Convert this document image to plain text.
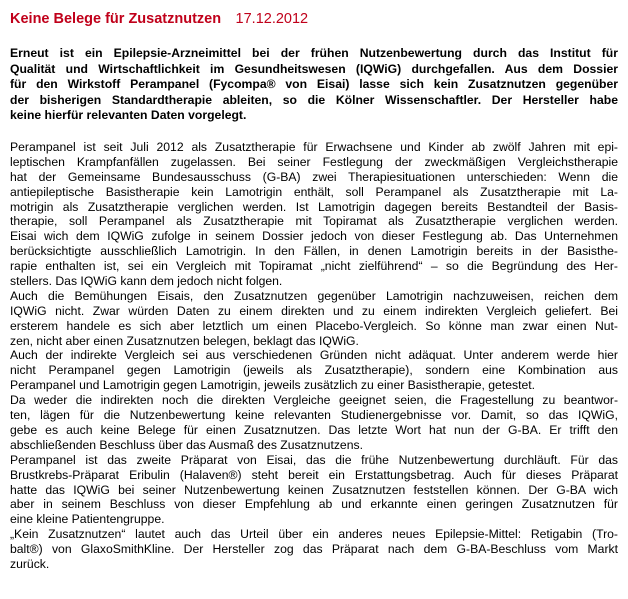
Keine Belege für Zusatznutzen 17.12.2012
Erneut ist ein Epilepsie-Arzneimittel bei der frühen Nutzenbewertung durch das Institut für
Qualität und Wirtschaftlichkeit im Gesundheitswesen (IQWiG) durchgefallen. Aus dem Dossier
für den Wirkstoff Perampanel (Fycompa® von Eisai) lasse sich kein Zusatznutzen gegenüber
der bisherigen Standardtherapie ableiten, so die Kölner Wissenschaftler. Der Hersteller habe
keine hierfür relevanten Daten vorgelegt.
Perampanel ist seit Juli 2012 als Zusatztherapie für Erwachsene und Kinder ab zwölf Jahren mit epi-
leptischen Krampfanfällen zugelassen. Bei seiner Festlegung der zweckmäßigen Vergleichstherapie
hat der Gemeinsame Bundesausschuss (G-BA) zwei Therapiesituationen unterschieden: Wenn die
antiepileptische Basistherapie kein Lamotrigin enthält, soll Perampanel als Zusatztherapie mit La-
motrigin als Zusatztherapie verglichen werden. Ist Lamotrigin dagegen bereits Bestandteil der Basis-
therapie, soll Perampanel als Zusatztherapie mit Topiramat als Zusatztherapie verglichen werden.
Eisai wich dem IQWiG zufolge in seinem Dossier jedoch von dieser Festlegung ab. Das Unternehmen
berücksichtigte ausschließlich Lamotrigin. In den Fällen, in denen Lamotrigin bereits in der Basisthe-
rapie enthalten ist, sei ein Vergleich mit Topiramat „nicht zielführend“ – so die Begründung des Her-
stellers. Das IQWiG kann dem jedoch nicht folgen.
Auch die Bemühungen Eisais, den Zusatznutzen gegenüber Lamotrigin nachzuweisen, reichen dem
IQWiG nicht. Zwar würden Daten zu einem direkten und zu einem indirekten Vergleich geliefert. Bei
ersterem handele es sich aber letztlich um einen Placebo-Vergleich. So könne man zwar einen Nut-
zen, nicht aber einen Zusatznutzen belegen, beklagt das IQWiG.
Auch der indirekte Vergleich sei aus verschiedenen Gründen nicht adäquat. Unter anderem werde hier
nicht Perampanel gegen Lamotrigin (jeweils als Zusatztherapie), sondern eine Kombination aus
Perampanel und Lamotrigin gegen Lamotrigin, jeweils zusätzlich zu einer Basistherapie, getestet.
Da weder die indirekten noch die direkten Vergleiche geeignet seien, die Fragestellung zu beantwor-
ten, lägen für die Nutzenbewertung keine relevanten Studienergebnisse vor. Damit, so das IQWiG,
gebe es auch keine Belege für einen Zusatznutzen. Das letzte Wort hat nun der G-BA. Er trifft den
abschließenden Beschluss über das Ausmaß des Zusatznutzens.
Perampanel ist das zweite Präparat von Eisai, das die frühe Nutzenbewertung durchläuft. Für das
Brustkrebs-Präparat Eribulin (Halaven®) steht bereit ein Erstattungsbetrag. Auch für dieses Präparat
hatte das IQWiG bei seiner Nutzenbewertung keinen Zusatznutzen feststellen können. Der G-BA wich
aber in seinem Beschluss von dieser Empfehlung ab und erkannte einen geringen Zusatznutzen für
eine kleine Patientengruppe.
„Kein Zusatznutzen“ lautet auch das Urteil über ein anderes neues Epilepsie-Mittel: Retigabin (Tro-
balt®) von GlaxoSmithKline. Der Hersteller zog das Präparat nach dem G-BA-Beschluss vom Markt
zurück.
